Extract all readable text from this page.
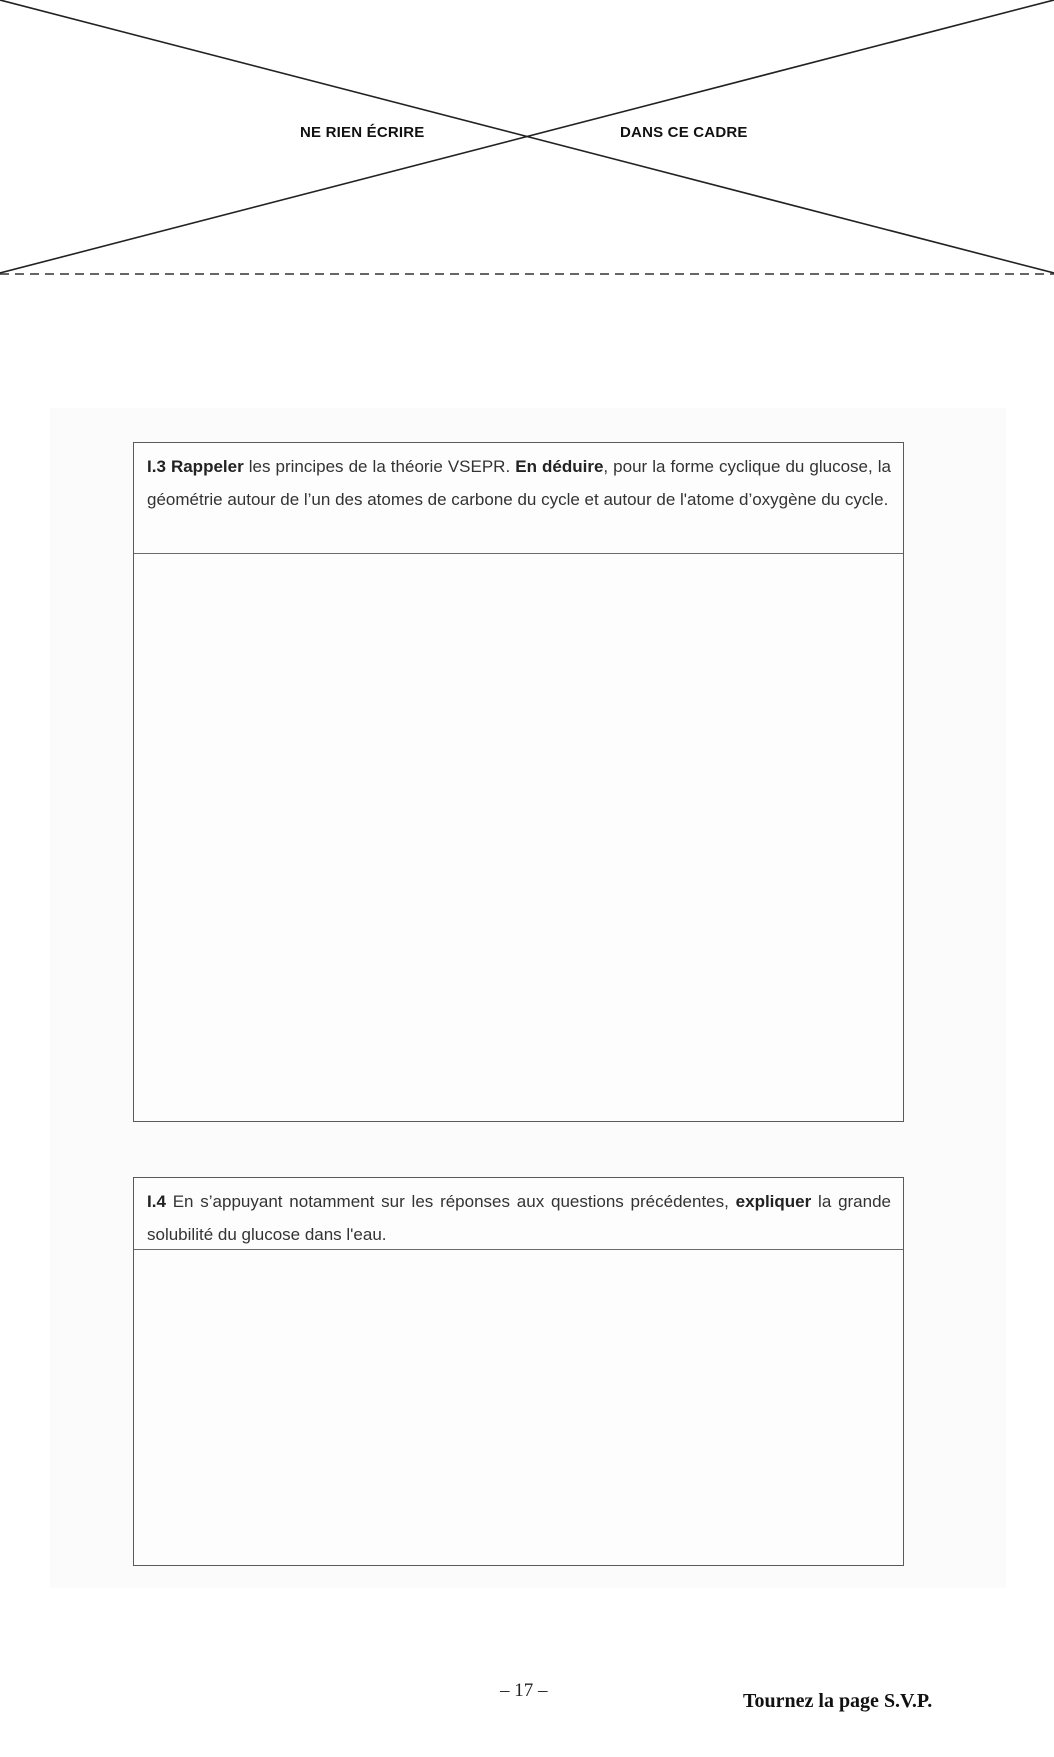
NE RIEN ÉCRIRE	DANS CE CADRE
I.3 Rappeler les principes de la théorie VSEPR. En déduire, pour la forme cyclique du glucose, la géométrie autour de l’un des atomes de carbone du cycle et autour de l'atome d’oxygène du cycle.
I.4 En s’appuyant notamment sur les réponses aux questions précédentes, expliquer la grande solubilité du glucose dans l'eau.
– 17 –	Tournez la page S.V.P.
